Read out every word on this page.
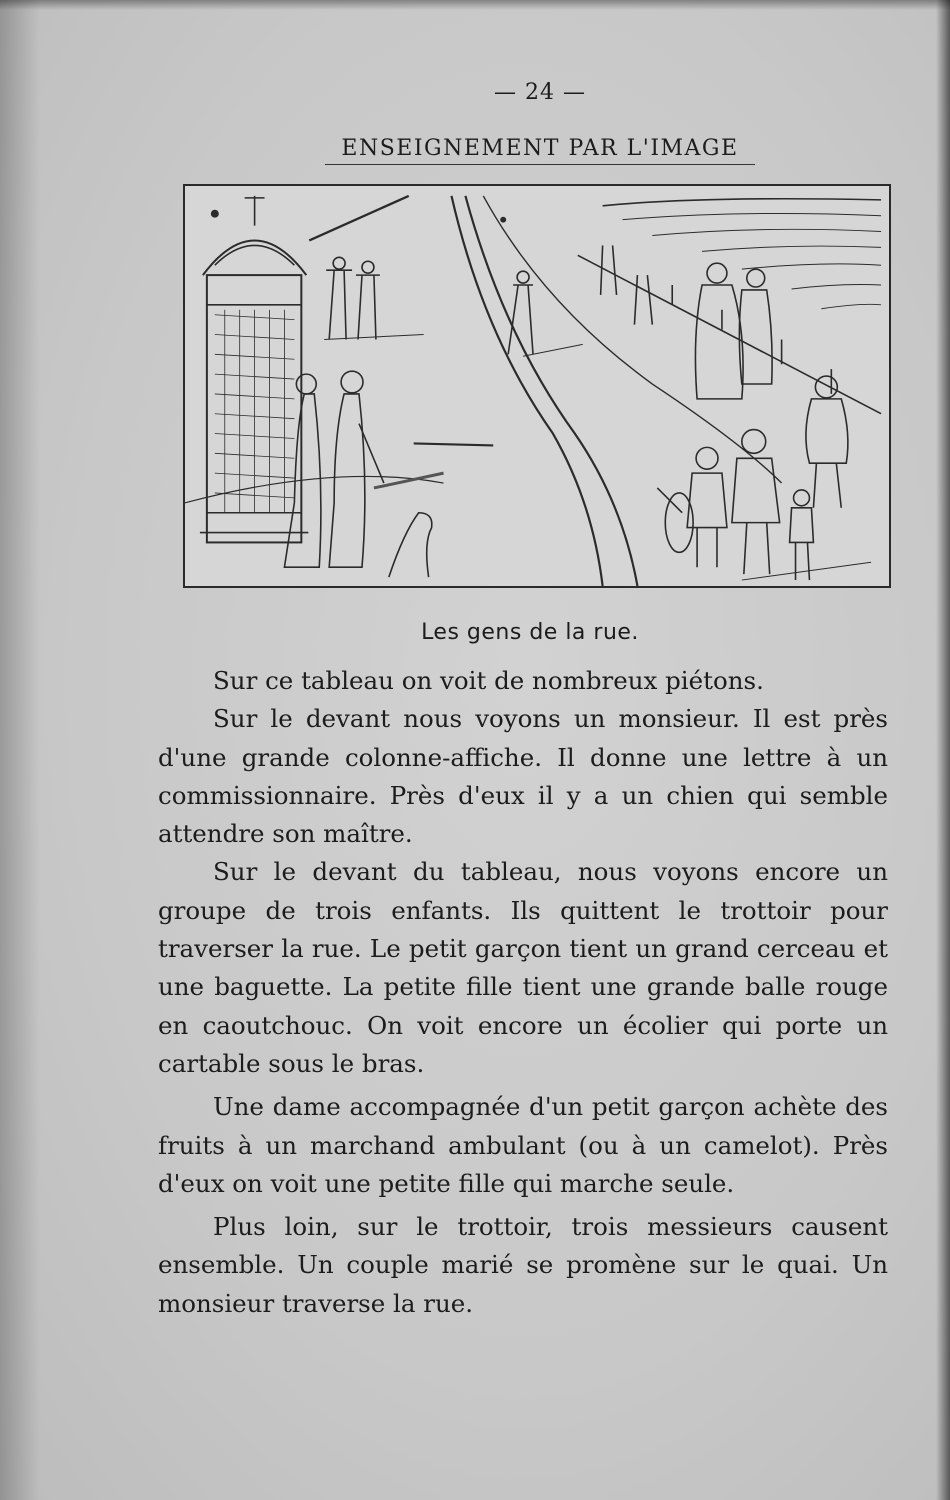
— 24 —
ENSEIGNEMENT PAR L'IMAGE
Les gens de la rue.

Sur ce tableau on voit de nombreux piétons.

Sur le devant nous voyons un monsieur. Il est près d'une grande colonne-affiche. Il donne une lettre à un commissionnaire. Près d'eux il y a un chien qui semble attendre son maître.

Sur le devant du tableau, nous voyons encore un groupe de trois enfants. Ils quittent le trottoir pour traverser la rue. Le petit garçon tient un grand cerceau et une baguette. La petite fille tient une grande balle rouge en caoutchouc. On voit encore un écolier qui porte un cartable sous le bras.

Une dame accompagnée d'un petit garçon achète des fruits à un marchand ambulant (ou à un camelot). Près d'eux on voit une petite fille qui marche seule.

Plus loin, sur le trottoir, trois messieurs causent ensemble. Un couple marié se promène sur le quai. Un monsieur traverse la rue.
